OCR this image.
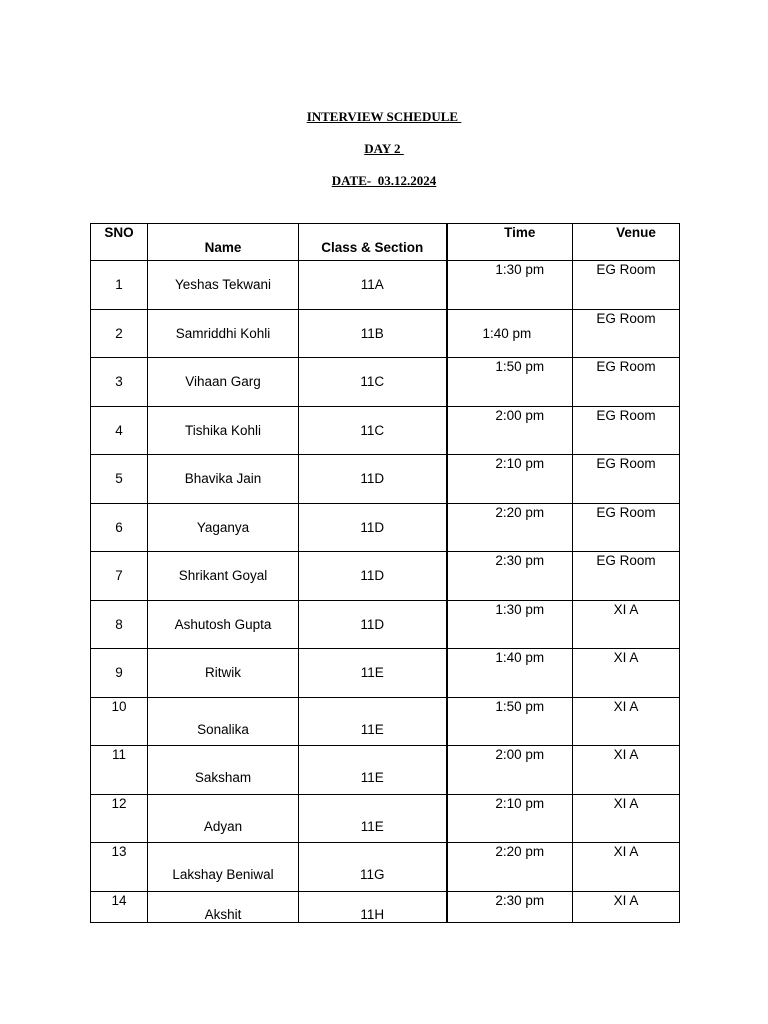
INTERVIEW SCHEDULE
DAY 2
DATE-  03.12.2024
SNO	Name	Class & Section	Time	Venue

1	Yeshas Tekwani	11A	1:30 pm	EG Room

2	Samriddhi Kohli	11B	1:40 pm	EG Room

3	Vihaan Garg	11C	1:50 pm	EG Room

4	Tishika Kohli	11C	2:00 pm	EG Room

5	Bhavika Jain	11D	2:10 pm	EG Room

6	Yaganya	11D	2:20 pm	EG Room

7	Shrikant Goyal	11D	2:30 pm	EG Room

8	Ashutosh Gupta	11D	1:30 pm	XI A

9	Ritwik	11E	1:40 pm	XI A

10	Sonalika	11E	1:50 pm	XI A

11	Saksham	11E	2:00 pm	XI A

12	Adyan	11E	2:10 pm	XI A

13	Lakshay Beniwal	11G	2:20 pm	XI A

14	Akshit	11H	2:30 pm	XI A
